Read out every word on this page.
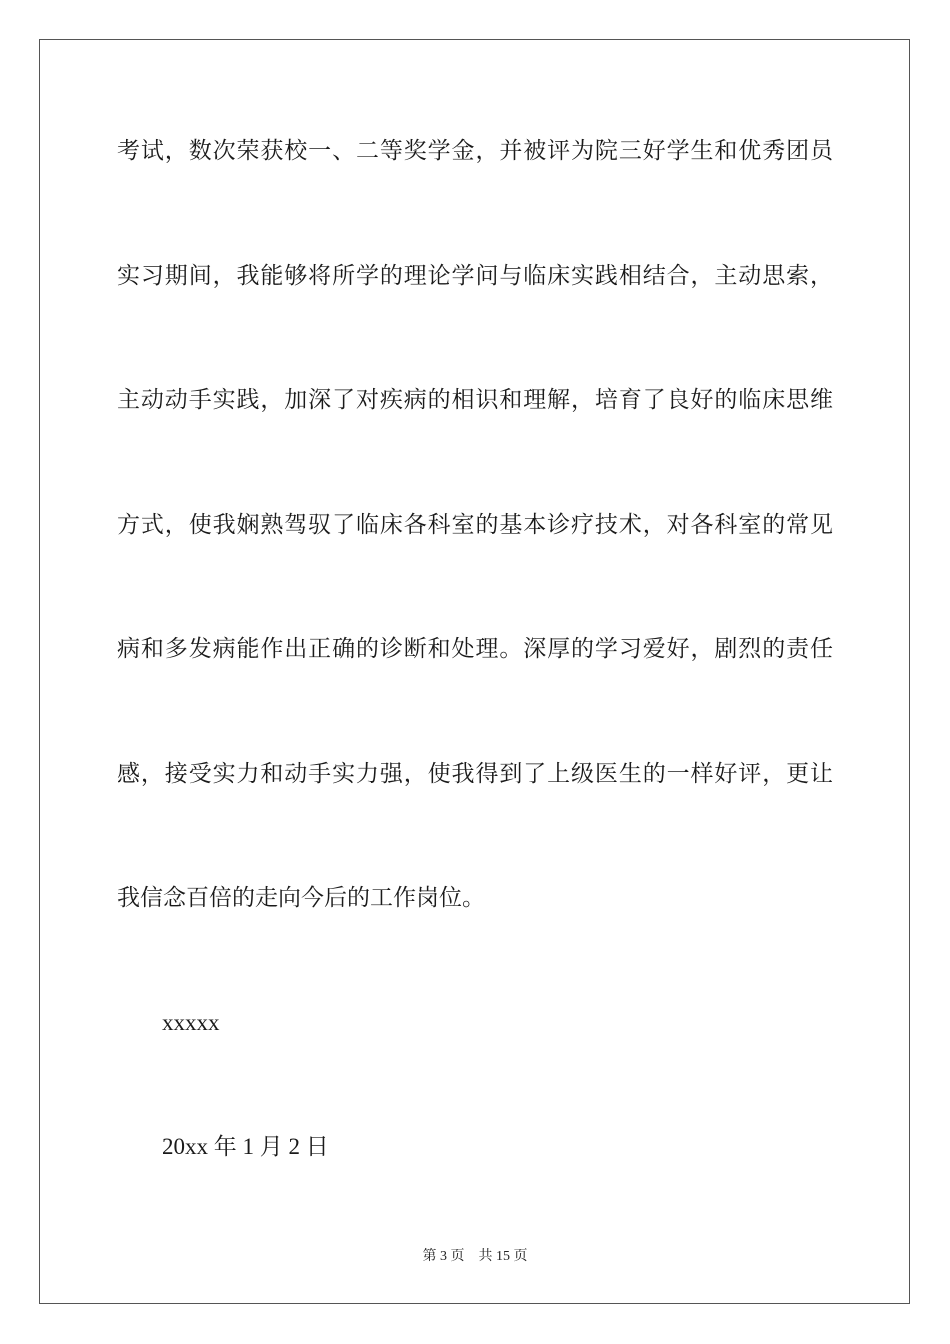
考试，数次荣获校一、二等奖学金，并被评为院三好学生和优秀团员
实习期间，我能够将所学的理论学问与临床实践相结合，主动思索，
主动动手实践，加深了对疾病的相识和理解，培育了良好的临床思维
方式，使我娴熟驾驭了临床各科室的基本诊疗技术，对各科室的常见
病和多发病能作出正确的诊断和处理。深厚的学习爱好，剧烈的责任
感，接受实力和动手实力强，使我得到了上级医生的一样好评，更让
我信念百倍的走向今后的工作岗位。
xxxxx
20xx 年 1 月 2 日
第 3 页 共 15 页
